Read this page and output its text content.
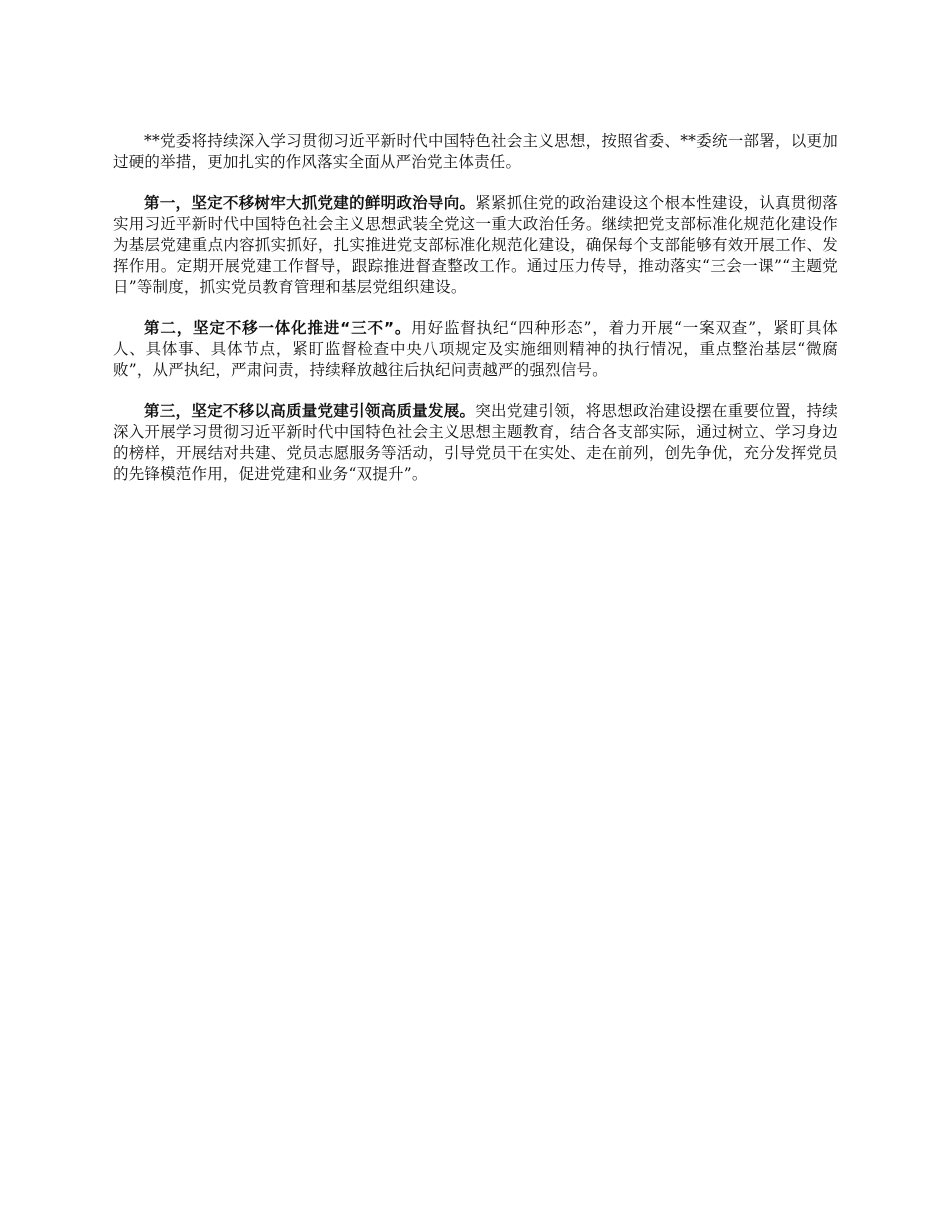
**党委将持续深入学习贯彻习近平新时代中国特色社会主义思想，按照省委、**委统一部署，以更加过硬的举措，更加扎实的作风落实全面从严治党主体责任。

第一，坚定不移树牢大抓党建的鲜明政治导向。紧紧抓住党的政治建设这个根本性建设，认真贯彻落实用习近平新时代中国特色社会主义思想武装全党这一重大政治任务。继续把党支部标准化规范化建设作为基层党建重点内容抓实抓好，扎实推进党支部标准化规范化建设，确保每个支部能够有效开展工作、发挥作用。定期开展党建工作督导，跟踪推进督查整改工作。通过压力传导，推动落实“三会一课”“主题党日”等制度，抓实党员教育管理和基层党组织建设。

第二，坚定不移一体化推进“三不”。用好监督执纪“四种形态”，着力开展“一案双查”，紧盯具体人、具体事、具体节点，紧盯监督检查中央八项规定及实施细则精神的执行情况，重点整治基层“微腐败”，从严执纪，严肃问责，持续释放越往后执纪问责越严的强烈信号。

第三，坚定不移以高质量党建引领高质量发展。突出党建引领，将思想政治建设摆在重要位置，持续深入开展学习贯彻习近平新时代中国特色社会主义思想主题教育，结合各支部实际，通过树立、学习身边的榜样，开展结对共建、党员志愿服务等活动，引导党员干在实处、走在前列，创先争优，充分发挥党员的先锋模范作用，促进党建和业务“双提升”。
